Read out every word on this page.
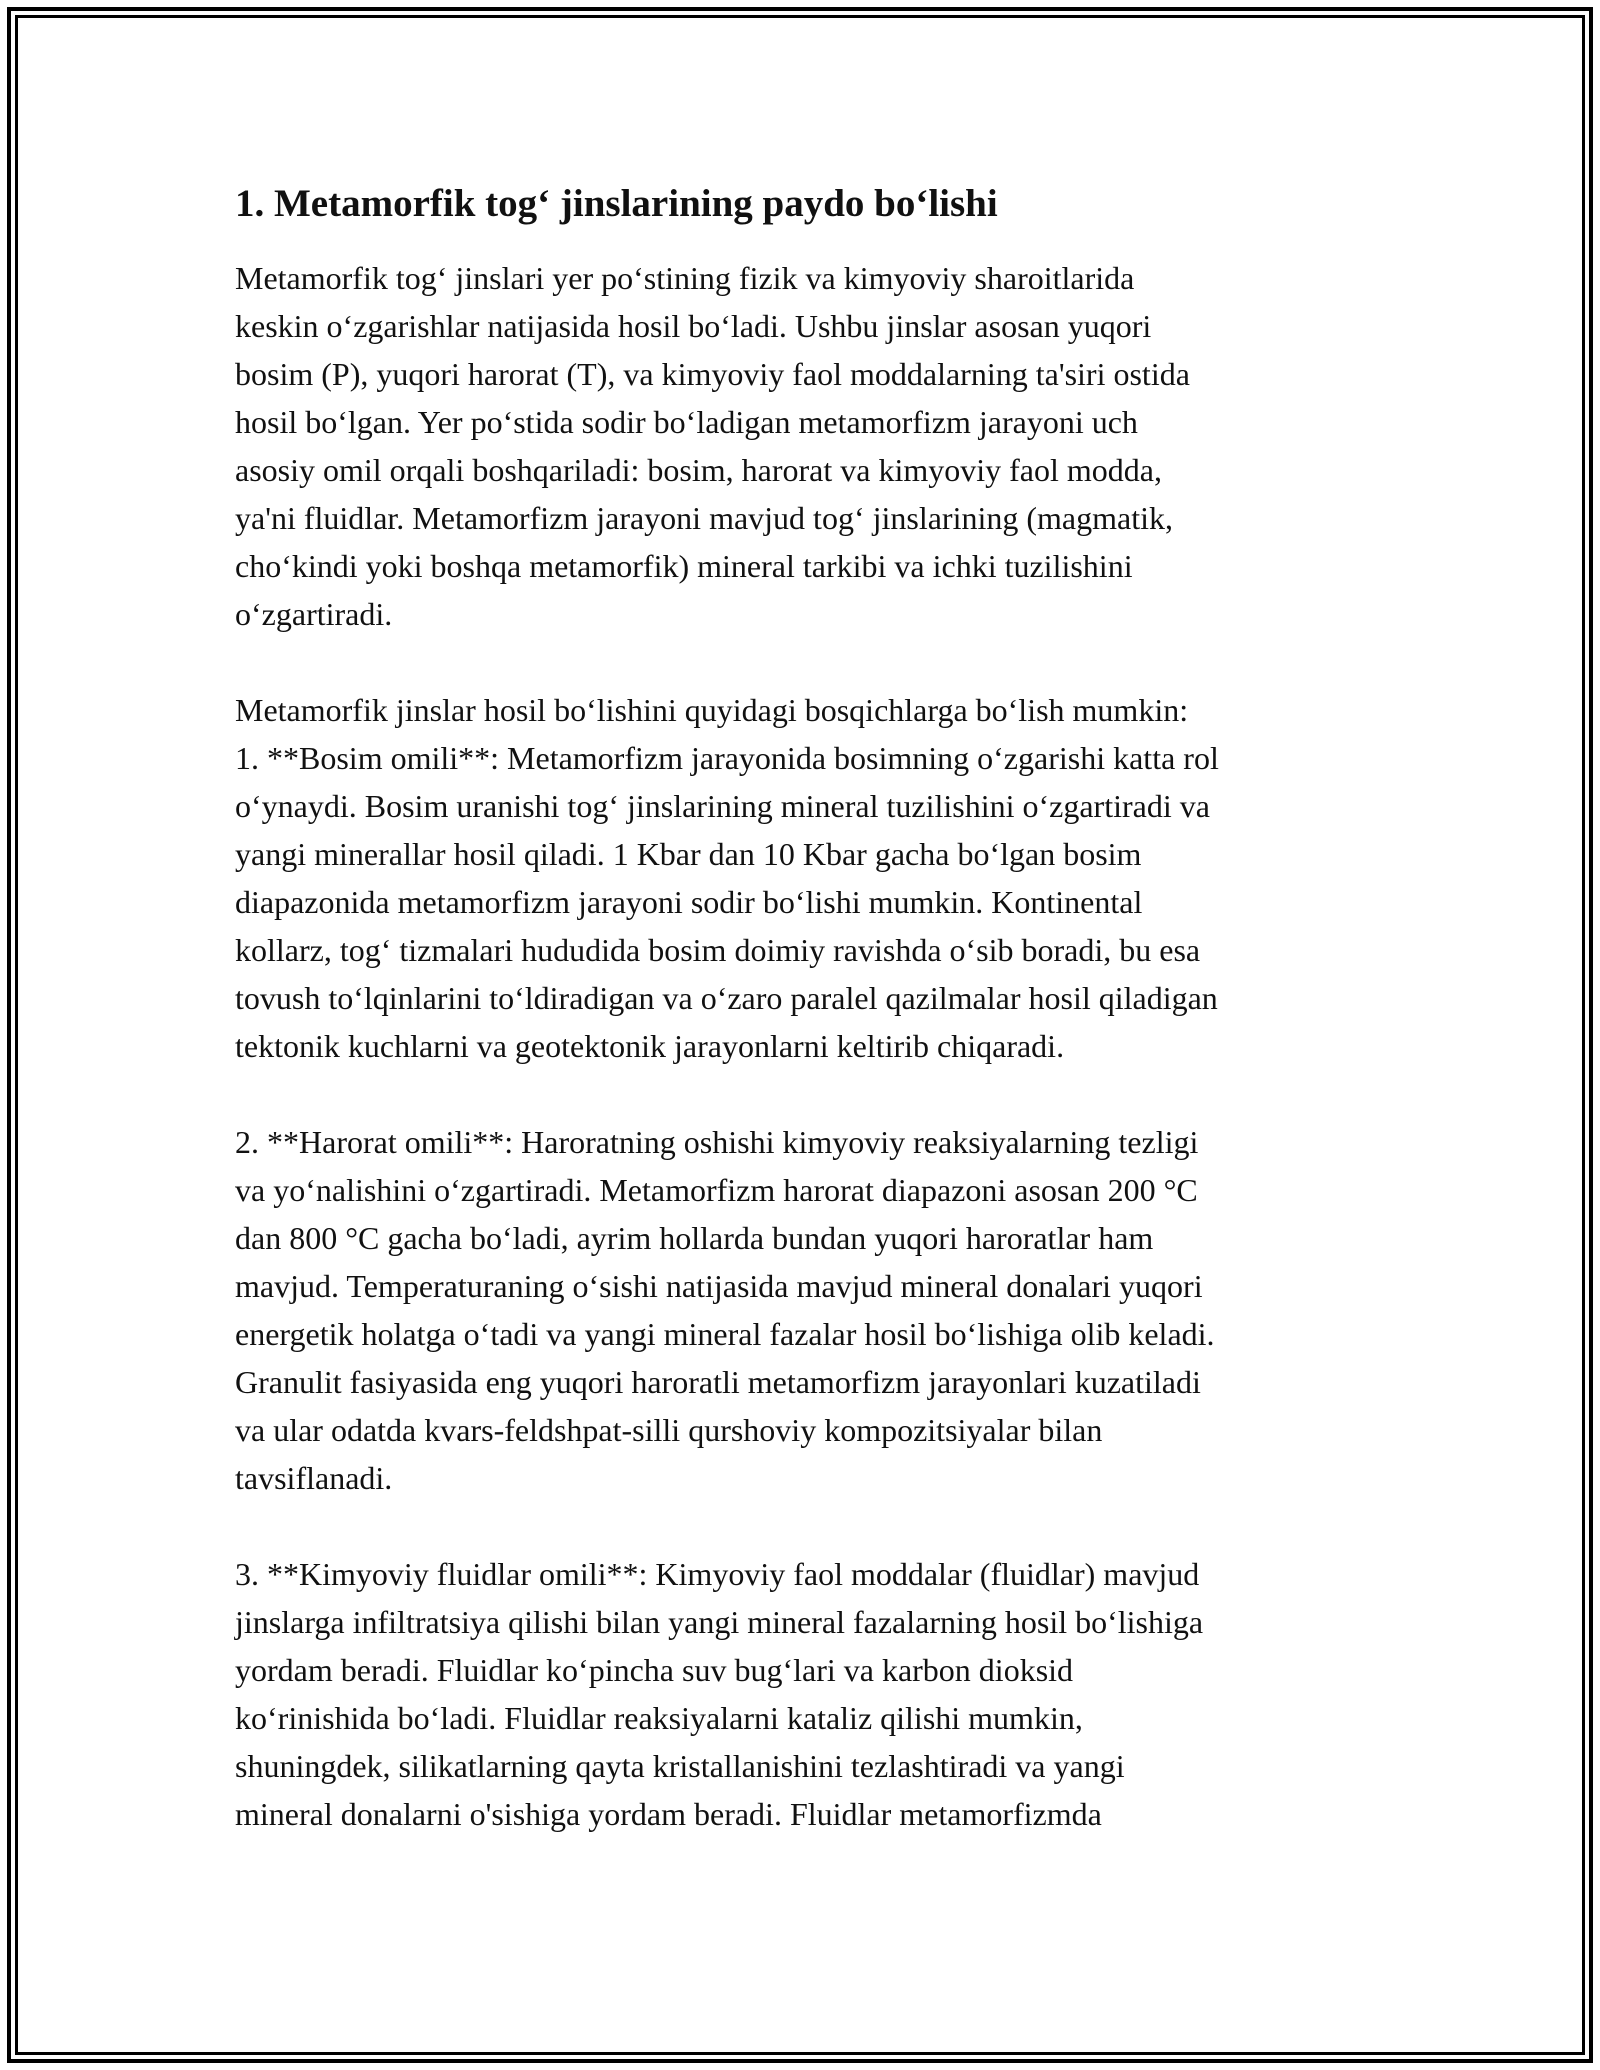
1. Metamorfik tog‘ jinslarining paydo bo‘lishi

Metamorfik tog‘ jinslari yer po‘stining fizik va kimyoviy sharoitlarida
keskin o‘zgarishlar natijasida hosil bo‘ladi. Ushbu jinslar asosan yuqori
bosim (P), yuqori harorat (T), va kimyoviy faol moddalarning ta'siri ostida
hosil bo‘lgan. Yer po‘stida sodir bo‘ladigan metamorfizm jarayoni uch
asosiy omil orqali boshqariladi: bosim, harorat va kimyoviy faol modda,
ya'ni fluidlar. Metamorfizm jarayoni mavjud tog‘ jinslarining (magmatik,
cho‘kindi yoki boshqa metamorfik) mineral tarkibi va ichki tuzilishini
o‘zgartiradi.

Metamorfik jinslar hosil bo‘lishini quyidagi bosqichlarga bo‘lish mumkin:
1. **Bosim omili**: Metamorfizm jarayonida bosimning o‘zgarishi katta rol
o‘ynaydi. Bosim uranishi tog‘ jinslarining mineral tuzilishini o‘zgartiradi va
yangi minerallar hosil qiladi. 1 Kbar dan 10 Kbar gacha bo‘lgan bosim
diapazonida metamorfizm jarayoni sodir bo‘lishi mumkin. Kontinental
kollarz, tog‘ tizmalari hududida bosim doimiy ravishda o‘sib boradi, bu esa
tovush to‘lqinlarini to‘ldiradigan va o‘zaro paralel qazilmalar hosil qiladigan
tektonik kuchlarni va geotektonik jarayonlarni keltirib chiqaradi.

2. **Harorat omili**: Haroratning oshishi kimyoviy reaksiyalarning tezligi
va yo‘nalishini o‘zgartiradi. Metamorfizm harorat diapazoni asosan 200 °C
dan 800 °C gacha bo‘ladi, ayrim hollarda bundan yuqori haroratlar ham
mavjud. Temperaturaning o‘sishi natijasida mavjud mineral donalari yuqori
energetik holatga o‘tadi va yangi mineral fazalar hosil bo‘lishiga olib keladi.
Granulit fasiyasida eng yuqori haroratli metamorfizm jarayonlari kuzatiladi
va ular odatda kvars-feldshpat-silli qurshoviy kompozitsiyalar bilan
tavsiflanadi.

3. **Kimyoviy fluidlar omili**: Kimyoviy faol moddalar (fluidlar) mavjud
jinslarga infiltratsiya qilishi bilan yangi mineral fazalarning hosil bo‘lishiga
yordam beradi. Fluidlar ko‘pincha suv bug‘lari va karbon dioksid
ko‘rinishida bo‘ladi. Fluidlar reaksiyalarni kataliz qilishi mumkin,
shuningdek, silikatlarning qayta kristallanishini tezlashtiradi va yangi
mineral donalarni o'sishiga yordam beradi. Fluidlar metamorfizmda
